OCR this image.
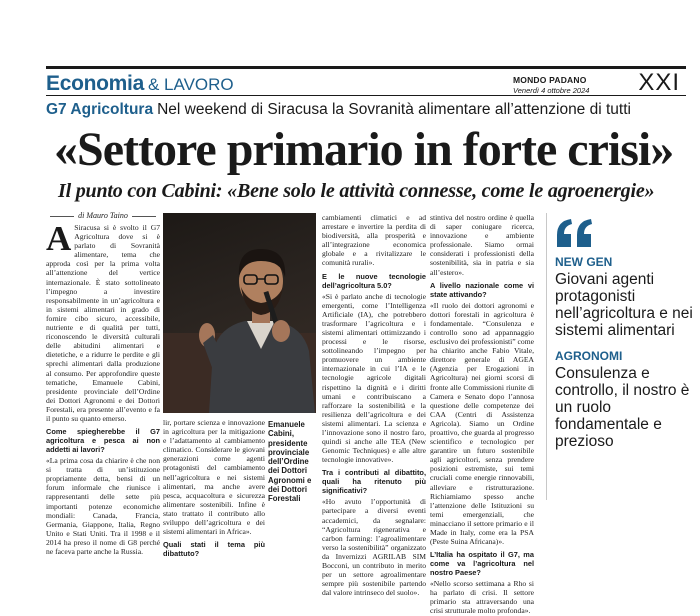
Economia & LAVORO	MONDO PADANO
Venerdì 4 ottobre 2024 XXI
G7 Agricoltura Nel weekend di Siracusa la Sovranità alimentare all’attenzione di tutti
«Settore primario in forte crisi»
Il punto con Cabini: «Bene solo le attività connesse, come le agroenergie»
di Mauro Taino
A Siracusa si è svolto il G7 Agricoltura dove si è parlato di Sovranità alimentare, tema che approda così per la prima volta all’attenzione del vertice internazionale. È stato sottolineato l’impegno a investire responsabilmente in un’agricoltura e in sistemi alimentari in grado di fornire cibo sicuro, accessibile, nutriente e di qualità per tutti, riconoscendo le diversità culturali delle abitudini alimentari e dietetiche, e a ridurre le perdite e gli sprechi alimentari dalla produzione al consumo. Per approfondire queste tematiche, Emanuele Cabini, presidente provinciale dell’Ordine dei Dottori Agronomi e dei Dottori Forestali, era presente all’evento e fa il punto su quanto emerso.

Come spiegherebbe il G7 agricoltura e pesca ai non addetti ai lavori?

«La prima cosa da chiarire è che non si tratta di un’istituzione propriamente detta, bensì di un forum informale che riunisce i rappresentanti delle sette più importanti potenze economiche mondiali: Canada, Francia, Germania, Giappone, Italia, Regno Unito e Stati Uniti. Tra il 1998 e il 2014 ha preso il nome di G8 perché ne faceva parte anche la Russia.

lir, portare scienza e innovazione in agricoltura per la mitigazione e l’adattamento al cambiamento climatico. Considerare le giovani generazioni come agenti protagonisti del cambiamento nell’agricoltura e nei sistemi alimentari, ma anche avere pesca, acquacoltura e sicurezza alimentare sostenibili. Infine è stato trattato il contributo allo sviluppo dell’agricoltura e dei sistemi alimentari in Africa».

Quali stati il tema più dibattuto?

Emanuele Cabini, presidente provinciale dell’Ordine dei Dottori Agronomi e dei Dottori Forestali

cambiamenti climatici e ad arrestare e invertire la perdita di biodiversità, alla prosperità e all’integrazione economica globale e a rivitalizzare le comunità rurali».

E le nuove tecnologie dell’agricoltura 5.0?

«Si è parlato anche di tecnologie emergenti, come l’Intelligenza Artificiale (IA), che potrebbero trasformare l’agricoltura e i sistemi alimentari ottimizzando i processi e le risorse, sottolineando l’impegno per promuovere un ambiente internazionale in cui l’IA e le tecnologie agricole digitali rispettino la dignità e i diritti umani e contribuiscano a rafforzare la sostenibilità e la resilienza dell’agricoltura e dei sistemi alimentari. La scienza e l’innovazione sono il nostro faro, quindi si anche alle TEA (New Genomic Techniques) e alle altre tecnologie innovative».

Tra i contributi al dibattito, quali ha ritenuto più significativi?

«Ho avuto l’opportunità di partecipare a diversi eventi accademici, da segnalare: “Agricoltura rigenerativa e carbon farming: l’agroalimentare verso la sostenibilità” organizzato da Invernizzi AGRILAB SIM Bocconi, un contributo in merito per un settore agroalimentare sempre più sostenibile partendo dal valore intrinseco del suolo».

stintiva del nostro ordine è quella di saper coniugare ricerca, innovazione e ambiente professionale. Siamo ormai considerati i professionisti della sostenibilità, sia in patria e sia all’estero».

A livello nazionale come vi state attivando?

«Il ruolo dei dottori agronomi e dottori forestali in agricoltura è fondamentale. “Consulenza e controllo sono ad appannaggio esclusivo dei professionisti” come ha chiarito anche Fabio Vitale, direttore generale di AGEA (Agenzia per Erogazioni in Agricoltura) nei giorni scorsi di fronte alle Commissioni riunite di Camera e Senato dopo l’annosa questione delle competenze dei CAA (Centri di Assistenza Agricola). Siamo un Ordine proattivo, che guarda al progresso scientifico e tecnologico per garantire un futuro sostenibile agli agricoltori, senza prendere posizioni estremiste, sui temi cruciali come energie rinnovabili, alleviare e ristrutturazione. Richiamiamo spesso anche l’attenzione delle Istituzioni su temi emergenziali, che minacciano il settore primario e il Made in Italy, come era la PSA (Peste Suina Africana)».

L’Italia ha ospitato il G7, ma come va l’agricoltura nel nostro Paese?

«Nello scorso settimana a Rho si ha parlato di crisi. Il settore primario sta attraversando una crisi strutturale molto profonda».

NEW GEN
Giovani agenti protagonisti nell’agricoltura e nei sistemi alimentari
AGRONOMI
Consulenza e controllo, il nostro è un ruolo fondamentale e prezioso
